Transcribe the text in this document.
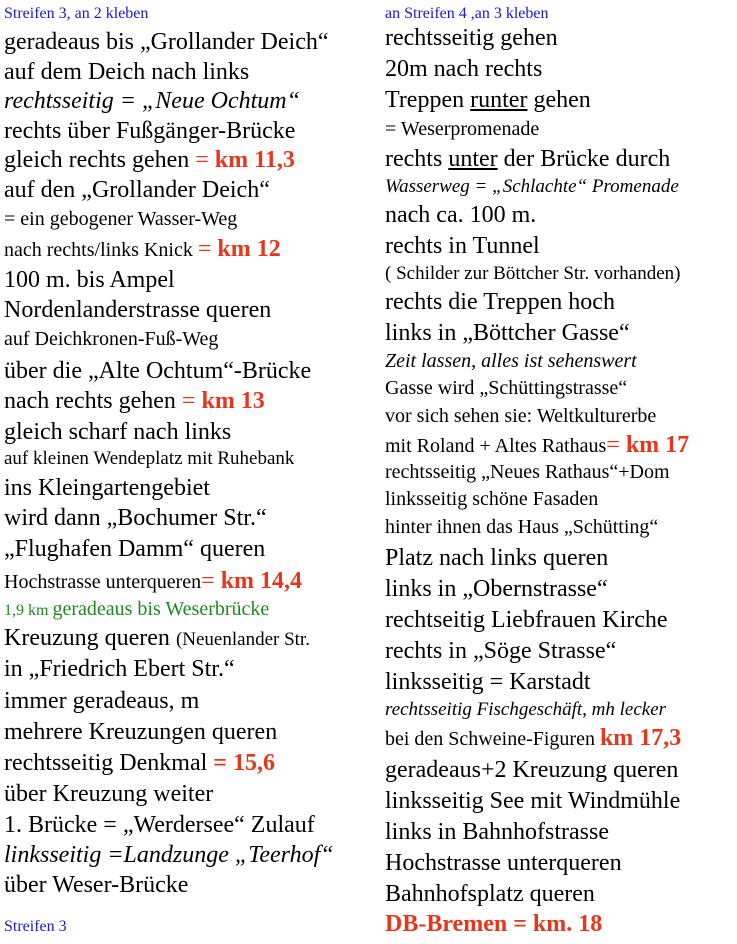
Streifen 3, an 2 kleben
geradeaus bis „Grollander Deich“
auf dem Deich nach links
rechtsseitig = „Neue Ochtum“
rechts über Fußgänger-Brücke
gleich rechts gehen = km 11,3
auf den „Grollander Deich“
= ein gebogener Wasser-Weg
nach rechts/links Knick = km 12
100 m. bis Ampel
Nordenlanderstrasse queren
auf Deichkronen-Fuß-Weg
über die „Alte Ochtum“-Brücke
nach rechts gehen = km 13
gleich scharf nach links
auf kleinen Wendeplatz mit Ruhebank
ins Kleingartengebiet
wird dann „Bochumer Str.“
„Flughafen Damm“ queren
Hochstrasse unterqueren= km 14,4
1,9 km geradeaus bis Weserbrücke
Kreuzung queren (Neuenlander Str.
in „Friedrich Ebert Str.“
immer geradeaus, m
mehrere Kreuzungen queren
rechtsseitig Denkmal = 15,6
über Kreuzung weiter
1. Brücke = „Werdersee“ Zulauf
linksseitig =Landzunge „Teerhof“
über Weser-Brücke
Streifen 3
an Streifen 4 ,an 3 kleben
rechtsseitig gehen
20m nach rechts
Treppen runter gehen
= Weserpromenade
rechts unter der Brücke durch
Wasserweg = „Schlachte“ Promenade
nach ca. 100 m.
rechts in Tunnel
( Schilder zur Böttcher Str. vorhanden)
rechts die Treppen hoch
links in „Böttcher Gasse“
Zeit lassen, alles ist sehenswert
Gasse wird „Schüttingstrasse“
vor sich sehen sie: Weltkulturerbe
mit Roland + Altes Rathaus= km 17
rechtsseitig „Neues Rathaus“+Dom
linksseitig schöne Fasaden
hinter ihnen das Haus „Schütting“
Platz nach links queren
links in „Obernstrasse“
rechtseitig Liebfrauen Kirche
rechts in „Söge Strasse“
linksseitig = Karstadt
rechtsseitig Fischgeschäft, mh lecker
bei den Schweine-Figuren km 17,3
geradeaus+2 Kreuzung queren
linksseitig See mit Windmühle
links in Bahnhofstrasse
Hochstrasse unterqueren
Bahnhofsplatz queren
DB-Bremen = km. 18
